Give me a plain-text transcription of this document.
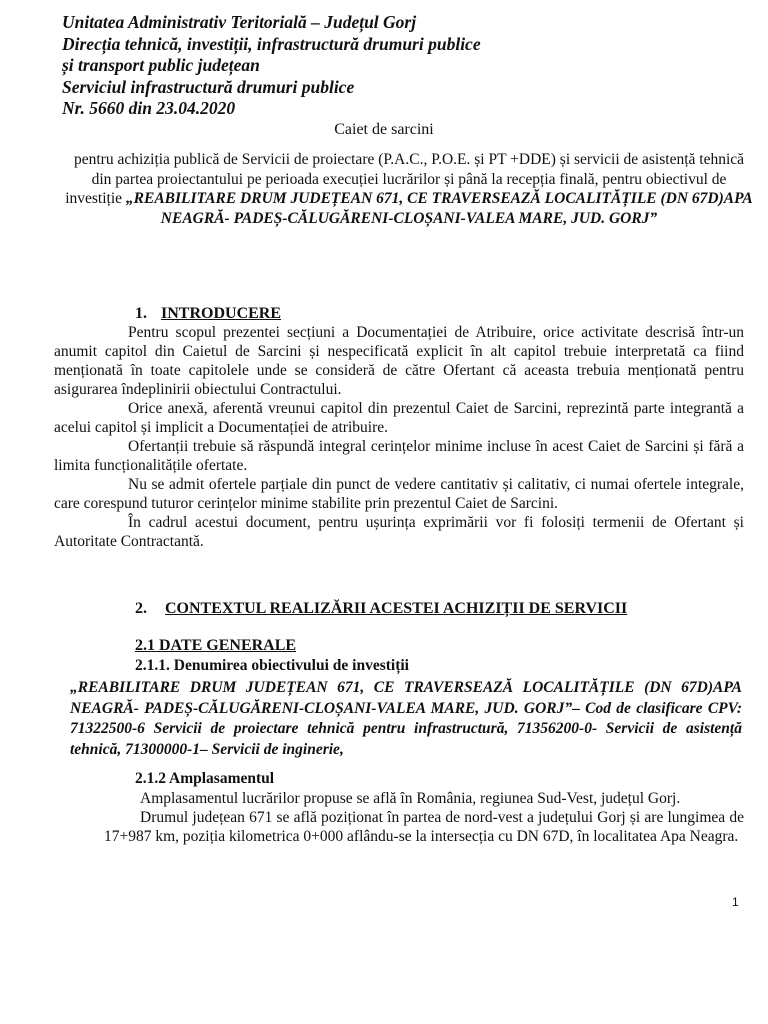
Unitatea Administrativ Teritorială – Județul Gorj
Direcția tehnică, investiții, infrastructură drumuri publice
și transport public județean
Serviciul infrastructură drumuri publice
Nr. 5660 din 23.04.2020
Caiet de sarcini
pentru achiziția publică de Servicii de proiectare (P.A.C., P.O.E. și PT +DDE) și servicii de asistență tehnică din partea proiectantului pe perioada execuției lucrărilor și până la recepția finală, pentru obiectivul de investiție „REABILITARE DRUM JUDEȚEAN 671, CE TRAVERSEAZĂ LOCALITĂȚILE (DN 67D)APA NEAGRĂ- PADEȘ-CĂLUGĂRENI-CLOȘANI-VALEA MARE, JUD. GORJ”
1. INTRODUCERE

Pentru scopul prezentei secțiuni a Documentației de Atribuire, orice activitate descrisă într-un anumit capitol din Caietul de Sarcini și nespecificată explicit în alt capitol trebuie interpretată ca fiind menționată în toate capitolele unde se consideră de către Ofertant că aceasta trebuia menționată pentru asigurarea îndeplinirii obiectului Contractului.

Orice anexă, aferentă vreunui capitol din prezentul Caiet de Sarcini, reprezintă parte integrantă a acelui capitol și implicit a Documentației de atribuire.

Ofertanții trebuie să răspundă integral cerințelor minime incluse în acest Caiet de Sarcini și fără a limita funcționalitățile ofertate.

Nu se admit ofertele parțiale din punct de vedere cantitativ și calitativ, ci numai ofertele integrale, care corespund tuturor cerințelor minime stabilite prin prezentul Caiet de Sarcini.

În cadrul acestui document, pentru ușurința exprimării vor fi folosiți termenii de Ofertant și Autoritate Contractantă.

2. CONTEXTUL REALIZĂRII ACESTEI ACHIZIȚII DE SERVICII
2.1 DATE GENERALE
2.1.1. Denumirea obiectivului de investiții
„REABILITARE DRUM JUDEȚEAN 671, CE TRAVERSEAZĂ LOCALITĂȚILE (DN 67D)APA NEAGRĂ- PADEȘ-CĂLUGĂRENI-CLOȘANI-VALEA MARE, JUD. GORJ”– Cod de clasificare CPV: 71322500-6 Servicii de proiectare tehnică pentru infrastructură, 71356200-0- Servicii de asistență tehnică, 71300000-1– Servicii de inginerie,
2.1.2 Amplasamentul

Amplasamentul lucrărilor propuse se află în România, regiunea Sud-Vest, județul Gorj.

Drumul județean 671 se află poziționat în partea de nord-vest a județului Gorj și are lungimea de 17+987 km, poziția kilometrica 0+000 aflându-se la intersecția cu DN 67D, în localitatea Apa Neagra.

1
